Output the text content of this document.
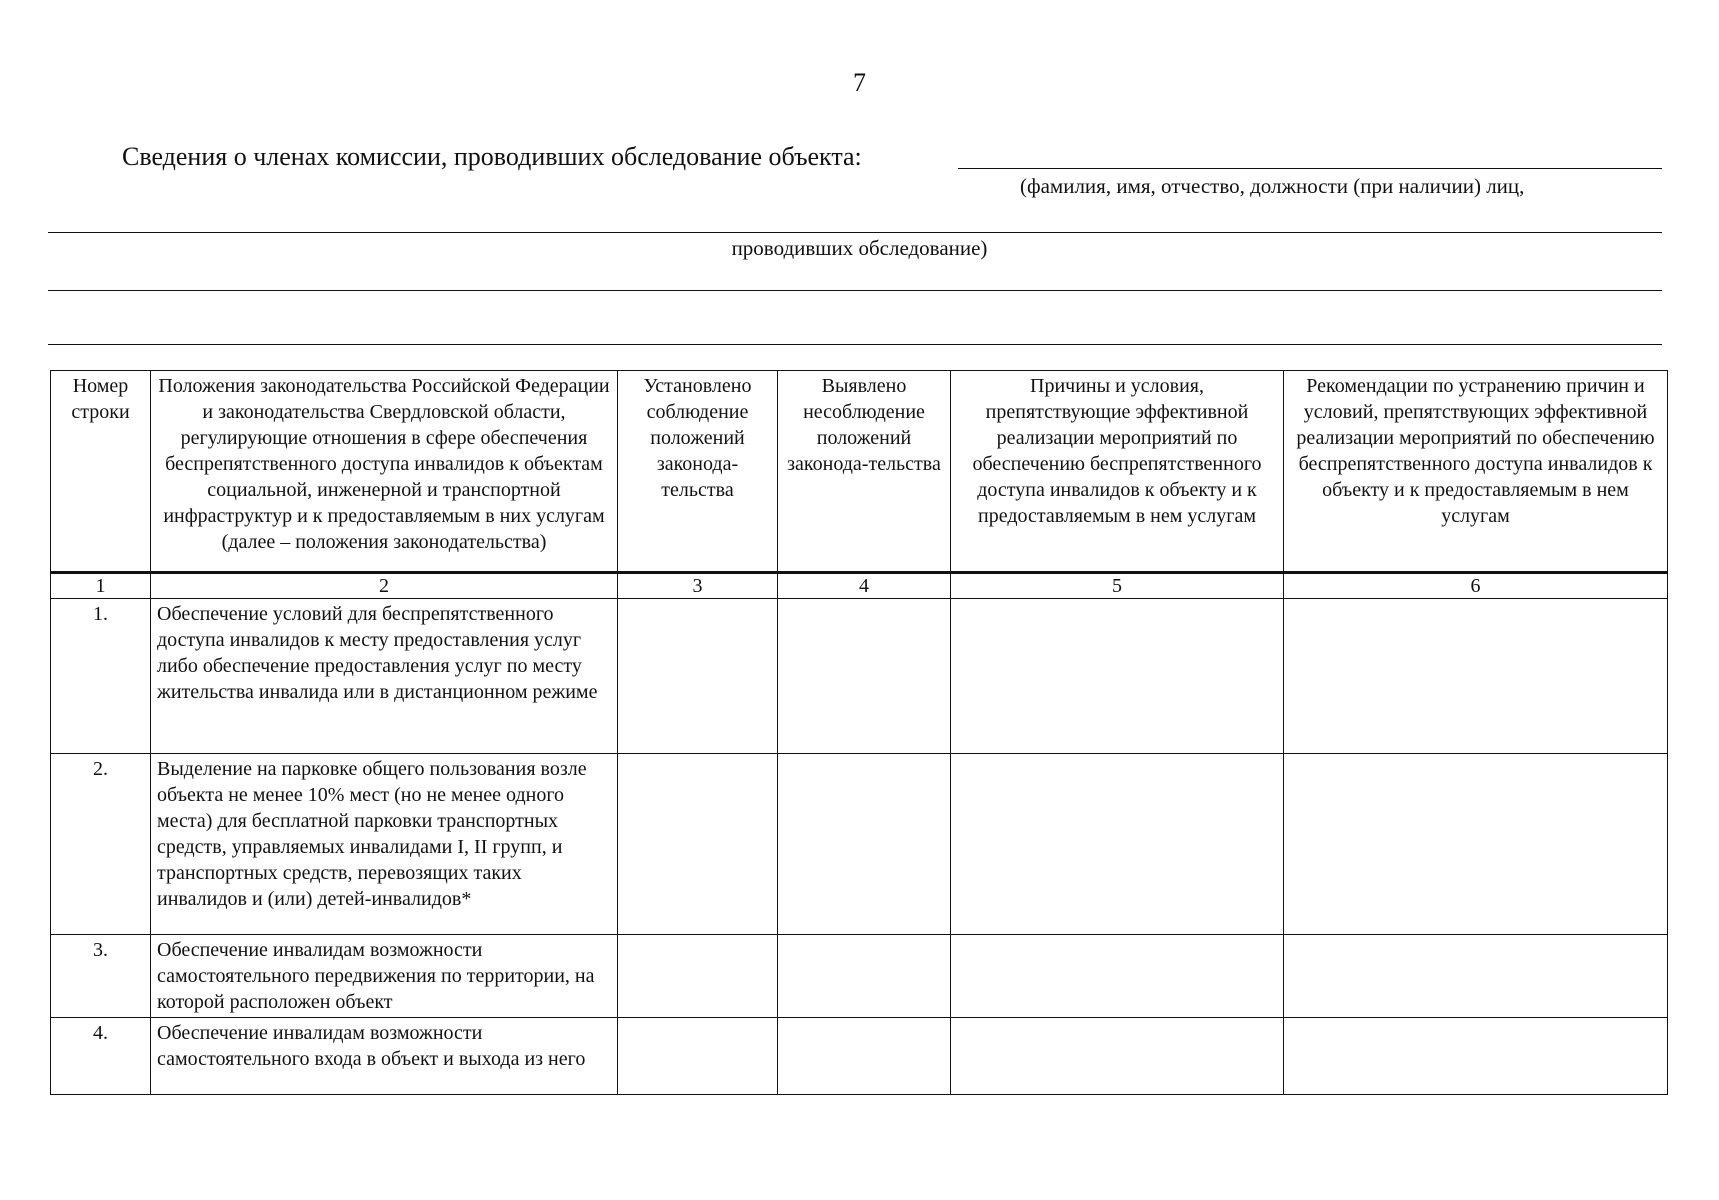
7
Сведения о членах комиссии, проводивших обследование объекта:
(фамилия, имя, отчество, должности (при наличии) лиц,
проводивших обследование)
Номер строки	Положения законодательства Российской Федерации и законодательства Свердловской области, регулирующие отношения в сфере обеспечения беспрепятственного доступа инвалидов к объектам социальной, инженерной и транспортной инфраструктур и к предоставляемым в них услугам (далее – положения законодательства)	Установлено соблюдение положений законода-тельства	Выявлено несоблюдение положений законода-тельства	Причины и условия, препятствующие эффективной реализации мероприятий по обеспечению беспрепятственного доступа инвалидов к объекту и к предоставляемым в нем услугам	Рекомендации по устранению причин и условий, препятствующих эффективной реализации мероприятий по обеспечению беспрепятственного доступа инвалидов к объекту и к предоставляемым в нем услугам
1	2	3	4	5	6
1.	Обеспечение условий для беспрепятственного доступа инвалидов к месту предоставления услуг либо обеспечение предоставления услуг по месту жительства инвалида или в дистанционном режиме				
2.	Выделение на парковке общего пользования возле объекта не менее 10% мест (но не менее одного места) для бесплатной парковки транспортных средств, управляемых инвалидами I, II групп, и транспортных средств, перевозящих таких инвалидов и (или) детей-инвалидов*				
3.	Обеспечение инвалидам возможности самостоятельного передвижения по территории, на которой расположен объект				
4.	Обеспечение инвалидам возможности самостоятельного входа в объект и выхода из него				
